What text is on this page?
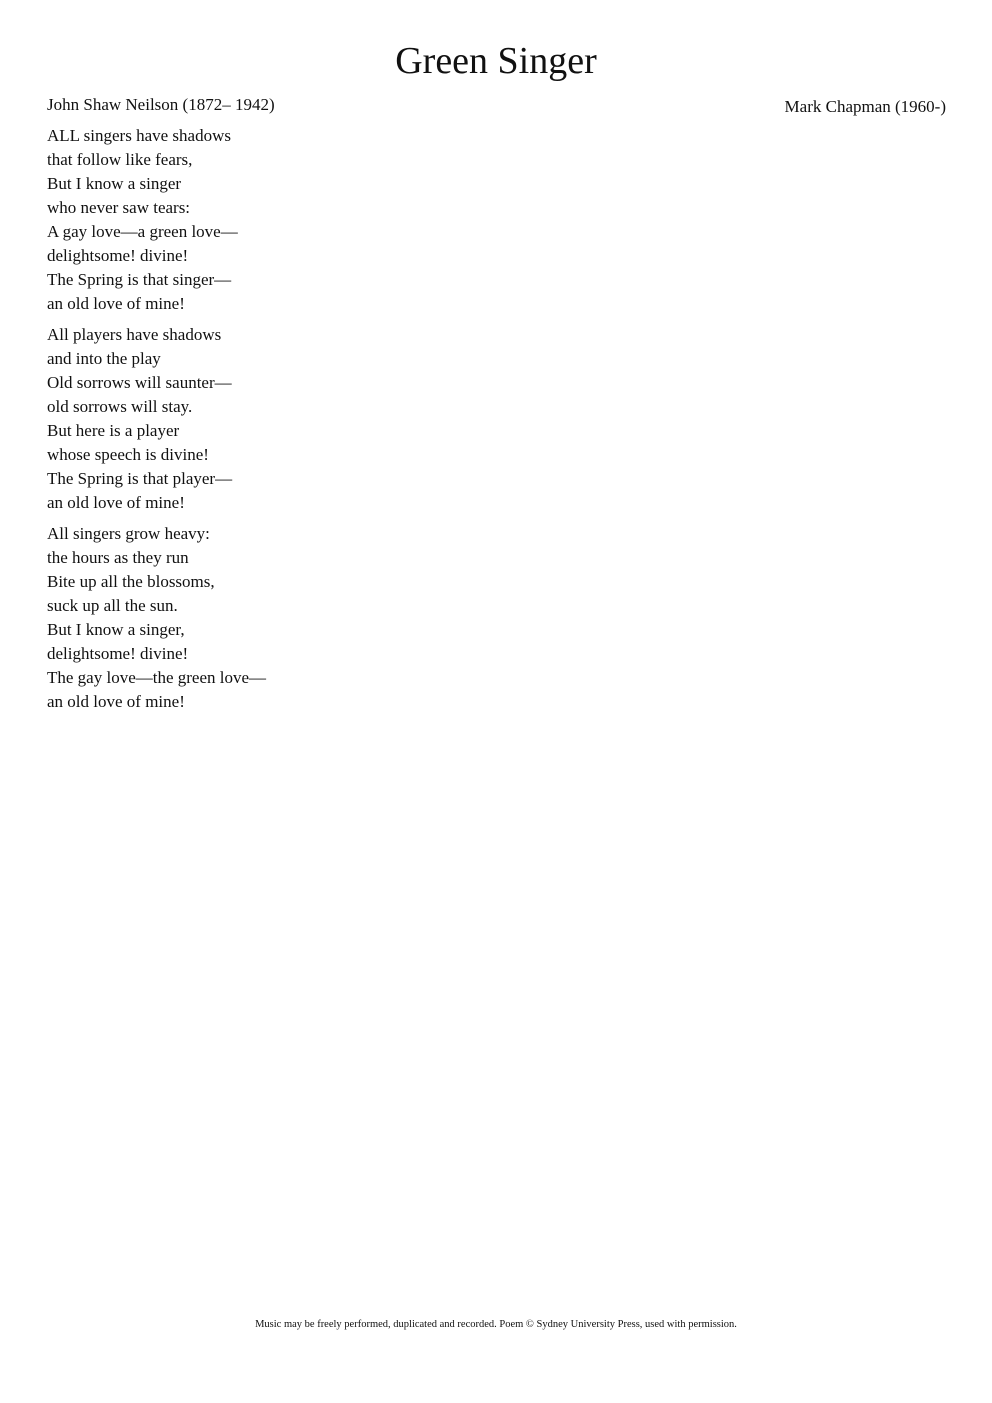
Green Singer
John Shaw Neilson (1872– 1942)	Mark Chapman (1960-)
ALL singers have shadows
that follow like fears,
But I know a singer
who never saw tears:
A gay love—a green love—
delightsome! divine!
The Spring is that singer—
an old love of mine!
All players have shadows
and into the play
Old sorrows will saunter—
old sorrows will stay.
But here is a player
whose speech is divine!
The Spring is that player—
an old love of mine!
All singers grow heavy:
the hours as they run
Bite up all the blossoms,
suck up all the sun.
But I know a singer,
delightsome! divine!
The gay love—the green love—
an old love of mine!
Music may be freely performed, duplicated and recorded. Poem © Sydney University Press, used with permission.
